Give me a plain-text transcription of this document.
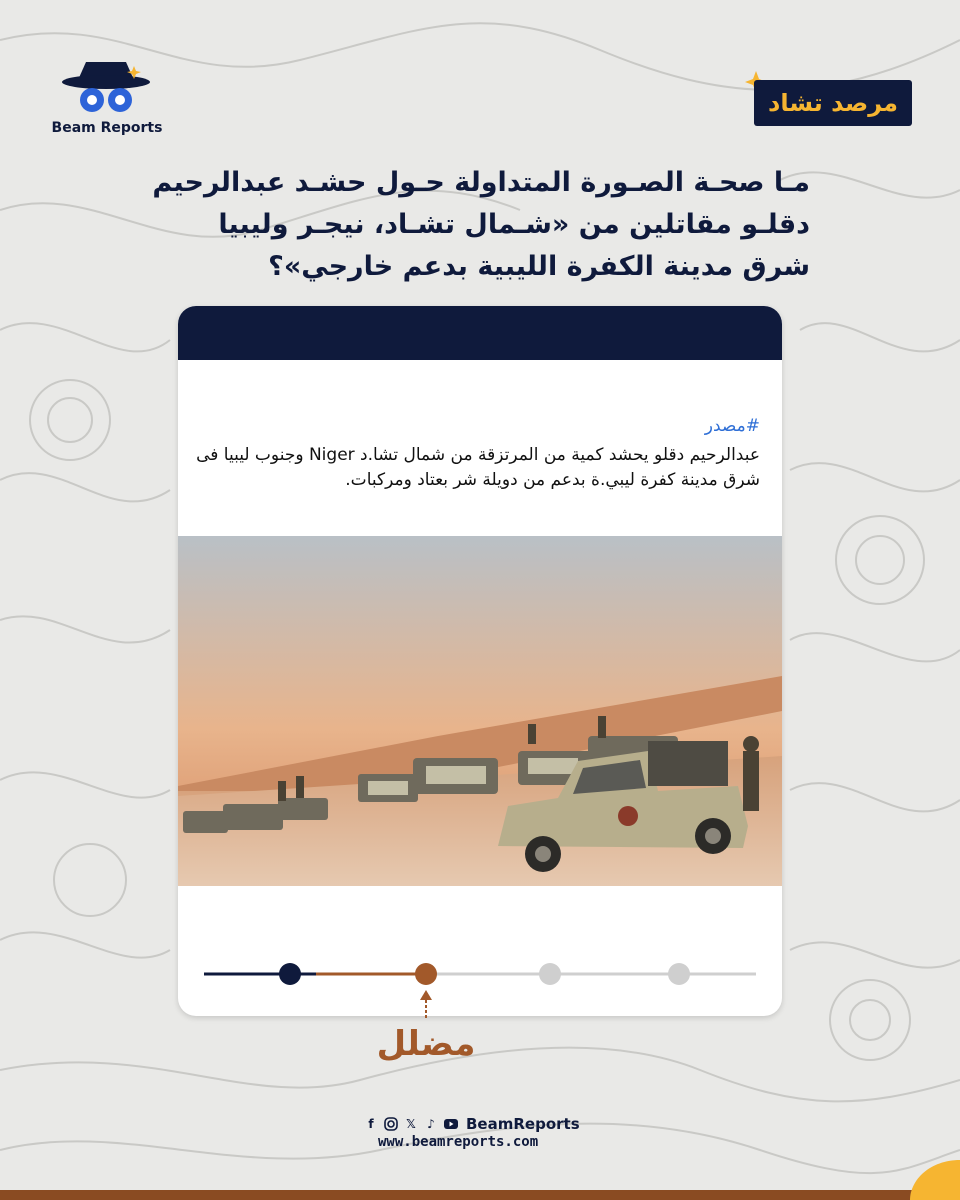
Beam Reports
مرصد تشاد
مـا صحـة الصـورة المتداولة حـول حشـد عبدالرحيم دقلـو مقاتلين من «شـمال تشـاد، نيجـر وليبيا شرق مدينة الكفرة الليبية بدعم خارجي»؟
#مصدر
عبدالرحيم دقلو يحشد كمية من المرتزقة من شمال تشا.د Niger وجنوب ليبيا فى شرق مدينة كفرة ليبي.ة بدعم من دويلة شر بعتاد ومركبات.
مضلل
f	𝕏 ♪ BeamReports
www.beamreports.com
